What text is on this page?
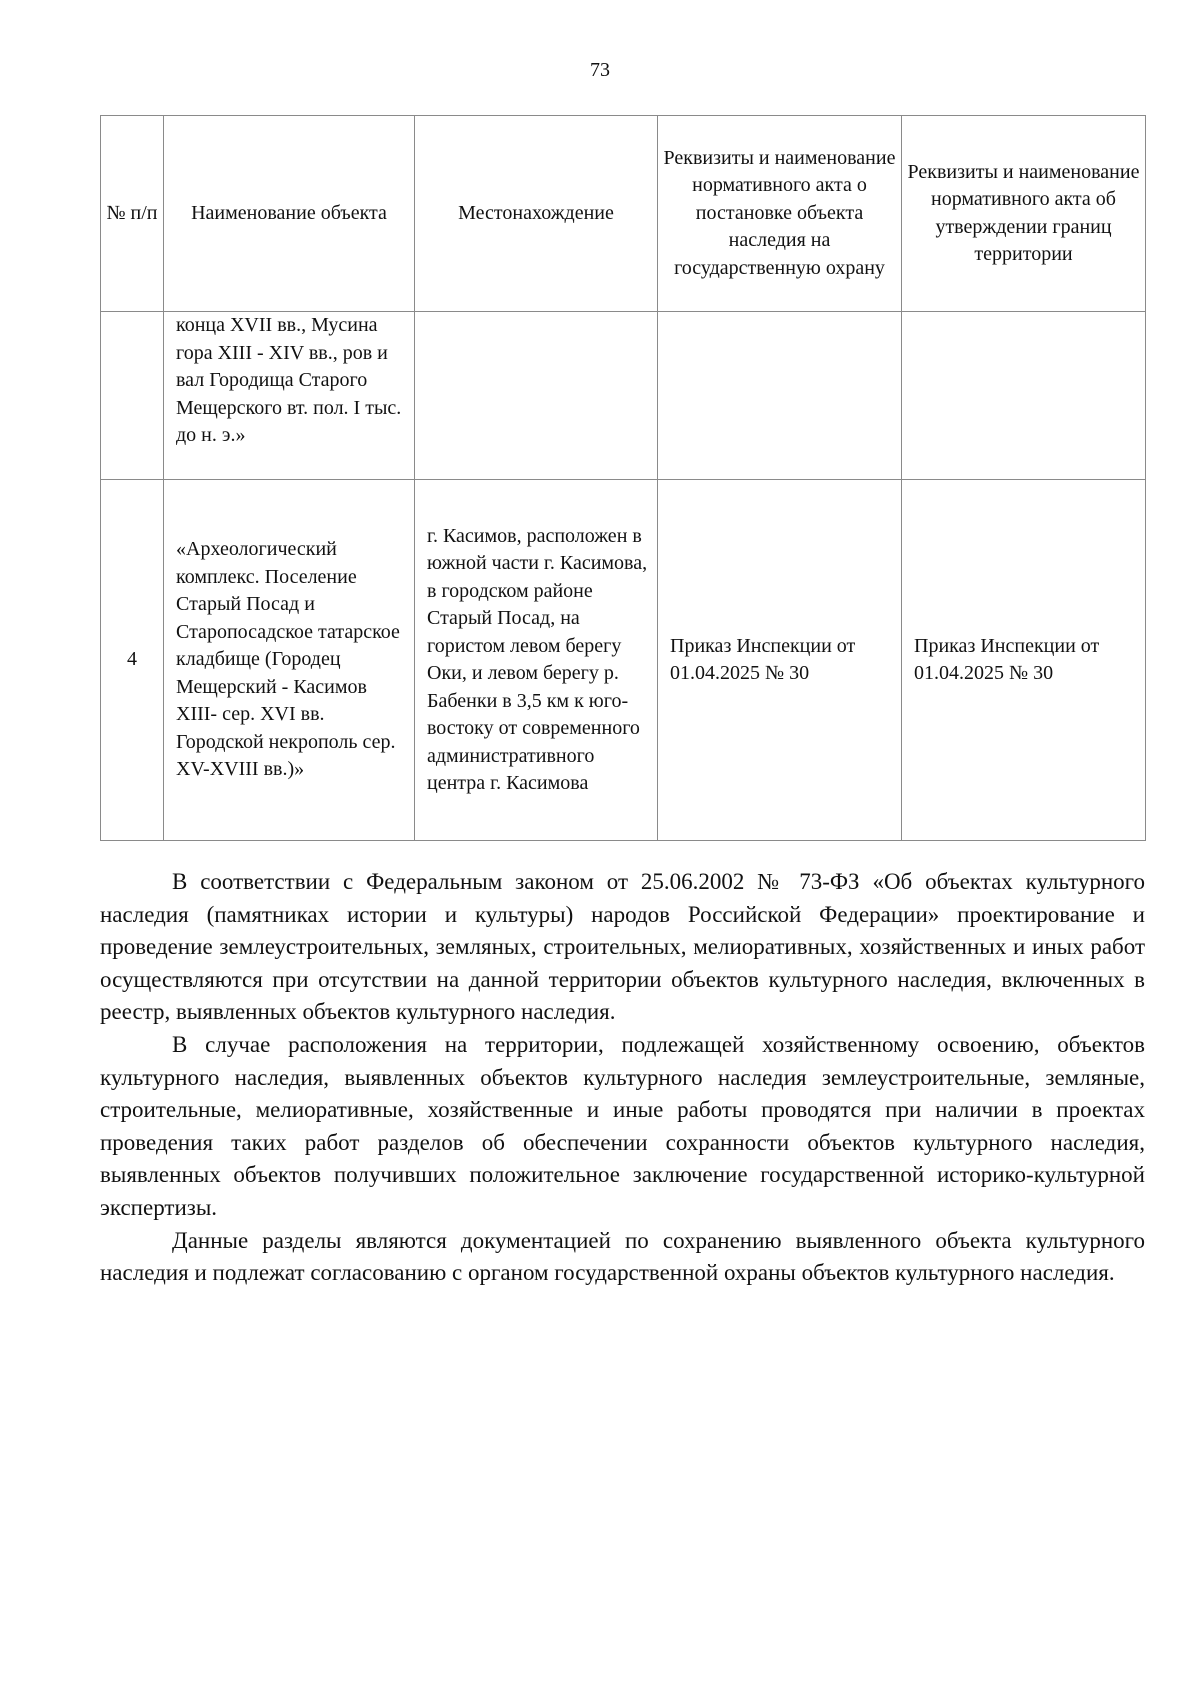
73
№ п/п	Наименование объекта	Местонахождение	Реквизиты и наименование нормативного акта о постановке объекта наследия на государственную охрану	Реквизиты и наименование нормативного акта об утверждении границ территории
	конца XVII вв., Мусина гора XIII - XIV вв., ров и вал Городища Старого Мещерского вт. пол. I тыс. до н. э.»			
4	«Археологический комплекс. Поселение Старый Посад и Старопосадское татарское кладбище (Городец Мещерский - Касимов XIII- сер. XVI вв. Городской некрополь сер. XV-XVIII вв.)»	г. Касимов, расположен в южной части г. Касимова, в городском районе Старый Посад, на гористом левом берегу Оки, и левом берегу р. Бабенки в 3,5 км к юго-востоку от современного административного центра г. Касимова	Приказ Инспекции от 01.04.2025 № 30	Приказ Инспекции от 01.04.2025 № 30

В соответствии с Федеральным законом от 25.06.2002 № 73-ФЗ «Об объектах культурного наследия (памятниках истории и культуры) народов Российской Федерации» проектирование и проведение землеустроительных, земляных, строительных, мелиоративных, хозяйственных и иных работ осуществляются при отсутствии на данной территории объектов культурного наследия, включенных в реестр, выявленных объектов культурного наследия.

В случае расположения на территории, подлежащей хозяйственному освоению, объектов культурного наследия, выявленных объектов культурного наследия землеустроительные, земляные, строительные, мелиоративные, хозяйственные и иные работы проводятся при наличии в проектах проведения таких работ разделов об обеспечении сохранности объектов культурного наследия, выявленных объектов получивших положительное заключение государственной историко-культурной экспертизы.

Данные разделы являются документацией по сохранению выявленного объекта культурного наследия и подлежат согласованию с органом государственной охраны объектов культурного наследия.
